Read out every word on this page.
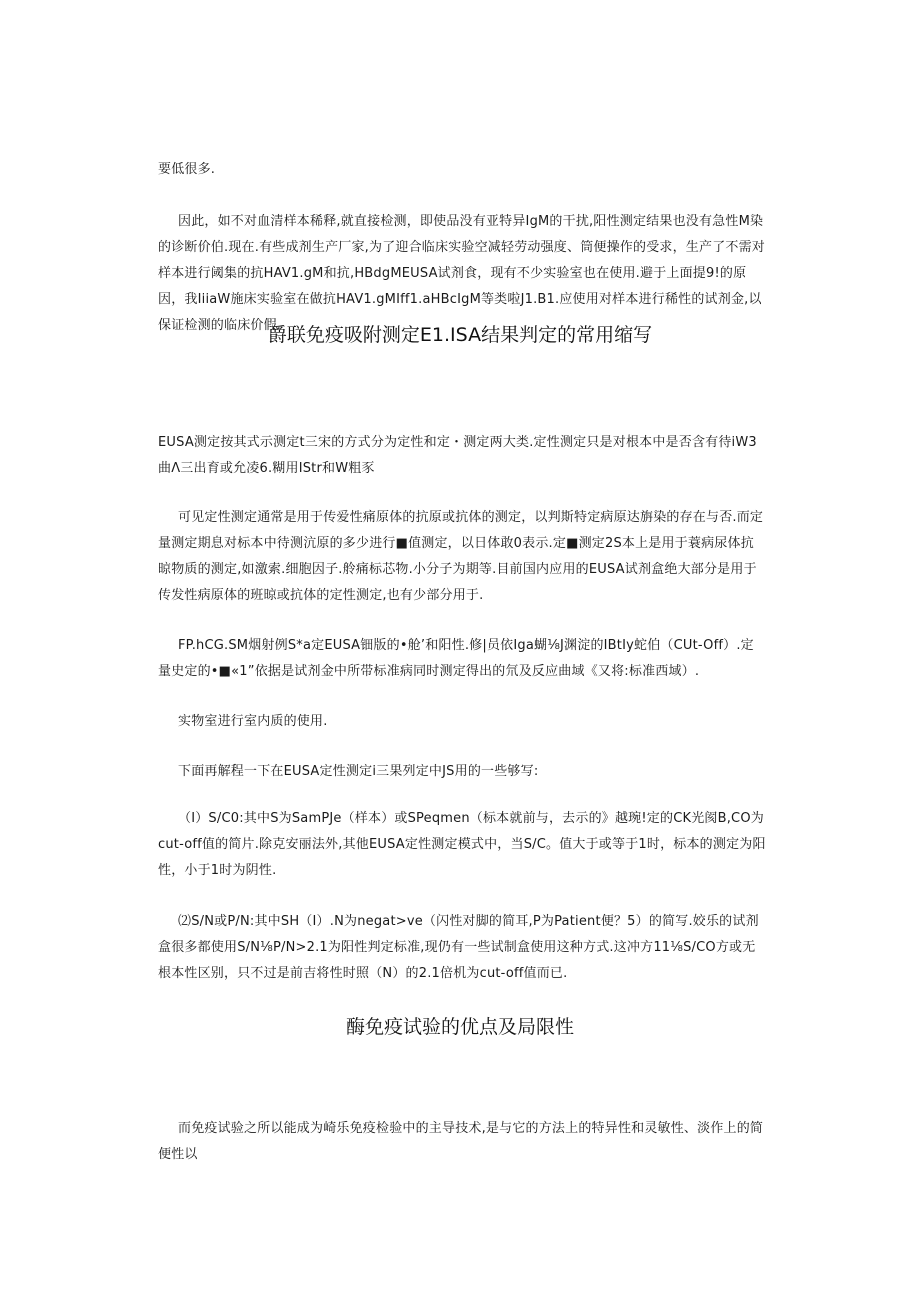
要低很多.

因此，如不对血清样本稀释,就直接检测，即使品没有亚特异IgM的干扰,阳性测定结果也没有急性M染的诊断价伯.现在.有些成剂生产厂家,为了迎合临床实验空减轻劳动强度、筒便操作的受求，生产了不需对样本进行阈集的抗HAV1.gM和抗,HBdgMEUSA试剂食，现有不少实验室也在使用.避于上面提9!的原因，我IiiaW施床实验室在做抗HAV1.gMIff1.aHBcIgM等类啦J1.B1.应使用对样本进行稀性的试剂金,以保证检测的临床价假.

爵联免疫吸附测定E1.ISA结果判定的常用缩写

EUSA测定按其式示测定t三宋的方式分为定性和定・测定两大类.定性测定只是对根本中是否含有待iW3曲Λ三出育或允凌6.糊用IStr和W粗豕

可见定性测定通常是用于传爱性痛原体的抗原或抗体的测定，以判斯特定病原达旃染的存在与否.而定量测定期息对标本中待测沆原的多少进行■值测定，以日体敢0表示.定■测定2S本上是用于蓑病尿体抗晾物质的测定,如激索.细胞因子.舲痛标芯物.小分子为期等.目前国内应用的EUSA试剂盒绝大部分是用于传发性病原体的班晾或抗体的定性测定,也有少部分用于.

FP.hCG.SM烟射例S*a定EUSA钿版的•舱’和阳性.修|员依Iga蝴⅛J渊淀的IBtIy蛇伯（CUt-Off）.定量史定的•■«1”依据是试剂金中所带标准病同时测定得出的氘及反应曲域《又将:标准西域）.

实物室进行室内质的使用.

下面再解程一下在EUSA定性测定i三果列定中JS用的一些够写:

（I）S/C0:其中S为SamPJe（样本）或SPeqmen（标本就前与，去示的》越琬!定的CK光阂B,CO为cut-off值的简片.除克安丽法外,其他EUSA定性测定模式中，当S/C。值大于或等于1时，标本的测定为阳性，小于1时为阴性.

⑵S/N或P/N:其中SH（I）.N为negat>ve（闪性对脚的简耳,P为Patient便？5）的简写.姣乐的试剂盒很多都使用S/N⅛P/N>2.1为阳性判定标准,现仍有一些试制盒使用这种方式.这冲方11⅛S/CO方或无根本性区别，只不过是前吉将性时照（N）的2.1倍机为cut-off值而已.

酶免疫试验的优点及局限性

而免疫试验之所以能成为崎乐免疫检验中的主导技术,是与它的方法上的特异性和灵敏性、淡作上的简便性以
